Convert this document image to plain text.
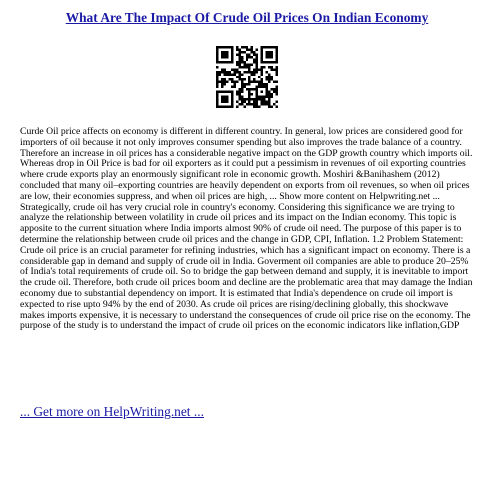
What Are The Impact Of Crude Oil Prices On Indian Economy

Curde Oil price affects on economy is different in different country. In general, low prices are considered good for importers of oil because it not only improves consumer spending but also improves the trade balance of a country. Therefore an increase in oil prices has a considerable negative impact on the GDP growth country which imports oil. Whereas drop in Oil Price is bad for oil exporters as it could put a pessimism in revenues of oil exporting countries where crude exports play an enormously significant role in economic growth. Moshiri &Banihashem (2012) concluded that many oil–exporting countries are heavily dependent on exports from oil revenues, so when oil prices are low, their economies suppress, and when oil prices are high, ... Show more content on Helpwriting.net ...

Strategically, crude oil has very crucial role in country's economy. Considering this significance we are trying to analyze the relationship between volatility in crude oil prices and its impact on the Indian economy. This topic is apposite to the current situation where India imports almost 90% of crude oil need. The purpose of this paper is to determine the relationship between crude oil prices and the change in GDP, CPI, Inflation. 1.2 Problem Statement: Crude oil price is an crucial parameter for refining industries, which has a significant impact on economy. There is a considerable gap in demand and supply of crude oil in India. Goverment oil companies are able to produce 20–25% of India's total requirements of crude oil. So to bridge the gap between demand and supply, it is inevitable to import the crude oil. Therefore, both crude oil prices boom and decline are the problematic area that may damage the Indian economy due to substantial dependency on import. It is estimated that India's dependence on crude oil import is expected to rise upto 94% by the end of 2030. As crude oil prices are rising/declining globally, this shockwave makes imports expensive, it is necessary to understand the consequences of crude oil price rise on the economy. The purpose of the study is to understand the impact of crude oil prices on the economic indicators like inflation,GDP

... Get more on HelpWriting.net ...
